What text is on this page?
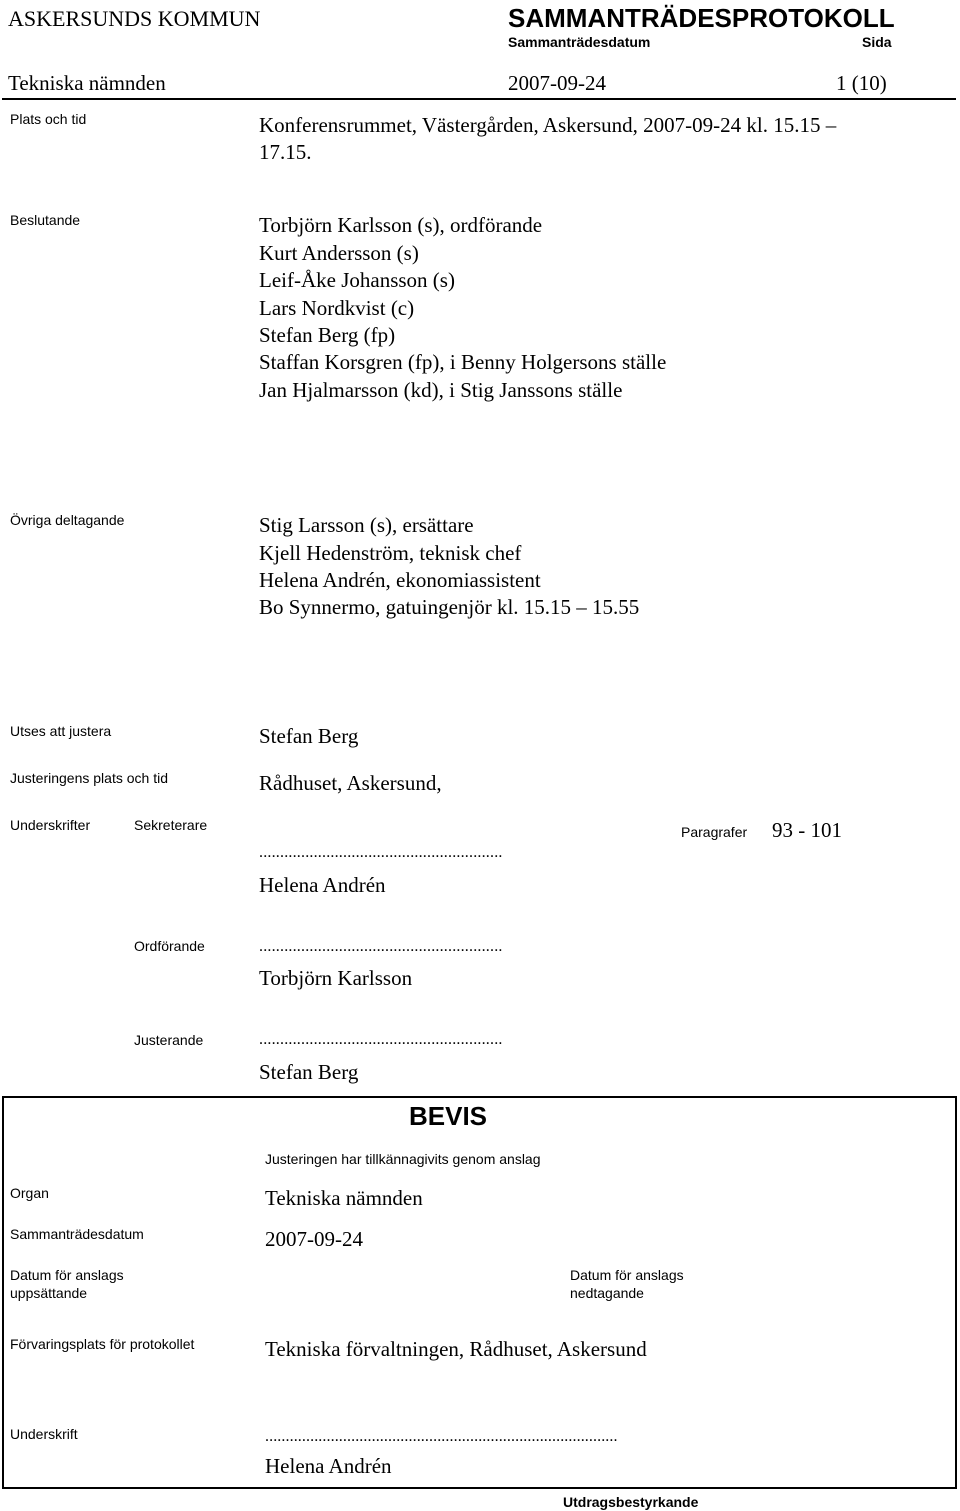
ASKERSUNDS KOMMUN	SAMMANTRÄDESPROTOKOLL
Sammanträdesdatum	Sida
Tekniska nämnden	2007-09-24	1 (10)
Plats och tid	Konferensrummet, Västergården, Askersund, 2007-09-24 kl. 15.15 –
17.15.
Beslutande	Torbjörn Karlsson (s), ordförande
Kurt Andersson (s)
Leif-Åke Johansson (s)
Lars Nordkvist (c)
Stefan Berg (fp)
Staffan Korsgren (fp), i Benny Holgersons ställe
Jan Hjalmarsson (kd), i Stig Janssons ställe
Övriga deltagande	Stig Larsson (s), ersättare
Kjell Hedenström, teknisk chef
Helena Andrén, ekonomiassistent
Bo Synnermo, gatuingenjör kl. 15.15 – 15.55
Utses att justera	Stefan Berg
Justeringens plats och tid	Rådhuset, Askersund,
Underskrifter	Sekreterare	Paragrafer 93 - 101
..........................................................
Helena Andrén
Ordförande	..........................................................
Torbjörn Karlsson
Justerande	..........................................................
Stefan Berg
BEVIS
Justeringen har tillkännagivits genom anslag
Organ	Tekniska nämnden
Sammanträdesdatum	2007-09-24
Datum för anslags
uppsättande
Datum för anslags
nedtagande
Förvaringsplats för protokollet	Tekniska förvaltningen, Rådhuset, Askersund
Underskrift	......................................................................................
Helena Andrén
Utdragsbestyrkande
